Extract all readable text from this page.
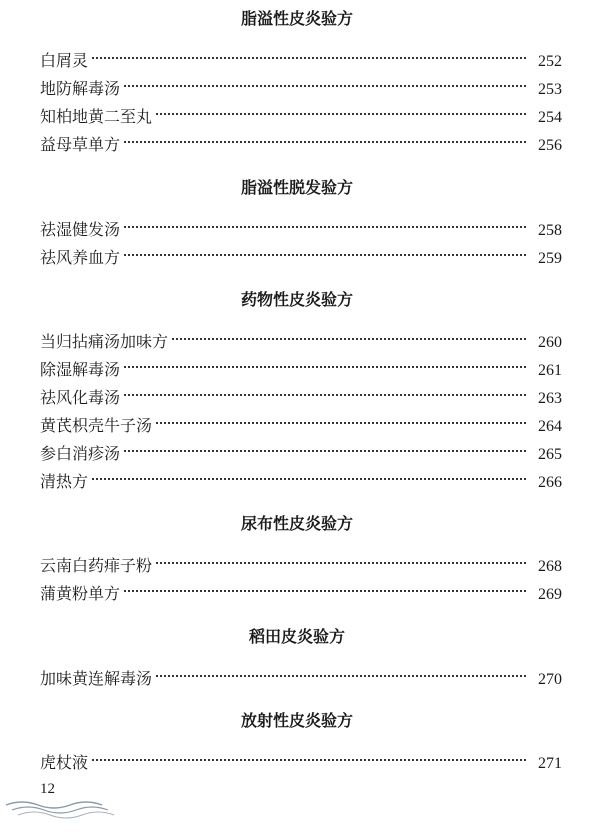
脂溢性皮炎验方
白屑灵	252
地防解毒汤	253
知柏地黄二至丸	254
益母草单方	256
脂溢性脱发验方
祛湿健发汤	258
祛风养血方	259
药物性皮炎验方
当归拈痛汤加味方	260
除湿解毒汤	261
祛风化毒汤	263
黄芪枳壳牛子汤	264
参白消疹汤	265
清热方	266
尿布性皮炎验方
云南白药痱子粉	268
蒲黄粉单方	269
稻田皮炎验方
加味黄连解毒汤	270
放射性皮炎验方
虎杖液	271
12
